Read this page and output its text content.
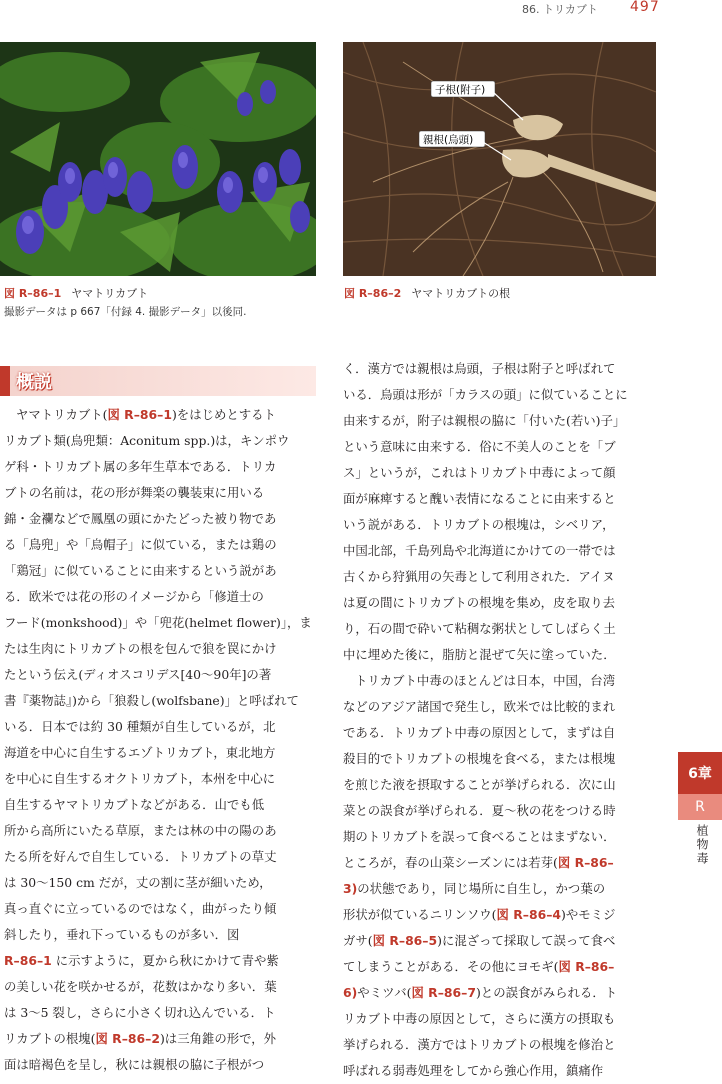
86. トリカブト 497
子根(附子)
親根(烏頭)
図 R–86–1 ヤマトリカブト	図 R–86–2 ヤマトリカブトの根
撮影データは p 667「付録 4. 撮影データ」以後同.
概説
ヤマトリカブト(図 R–86–1)をはじめとするト
リカブト類(烏兜類：Aconitum spp.)は，キンポウ
ゲ科・トリカブト属の多年生草本である．トリカ
ブトの名前は，花の形が舞楽の襲装束に用いる
錦・金襴などで鳳凰の頭にかたどった被り物であ
る「鳥兜」や「烏帽子」に似ている，または鶏の
「鶏冠」に似ていることに由来するという説があ
る．欧米では花の形のイメージから「修道士の
フード(monkshood)」や「兜花(helmet flower)」，ま
たは生肉にトリカブトの根を包んで狼を罠にかけ
たという伝え(ディオスコリデス[40〜90年]の著
書『薬物誌』)から「狼殺し(wolfsbane)」と呼ばれて
いる．日本では約 30 種類が自生しているが，北
海道を中心に自生するエゾトリカブト，東北地方
を中心に自生するオクトリカブト，本州を中心に
自生するヤマトリカブトなどがある．山でも低
所から高所にいたる草原，または林の中の陽のあ
たる所を好んで自生している．トリカブトの草丈
は 30〜150 cm だが，丈の割に茎が細いため，
真っ直ぐに立っているのではなく，曲がったり傾
斜したり，垂れ下っているものが多い．図
R–86–1 に示すように，夏から秋にかけて青や紫
の美しい花を咲かせるが，花数はかなり多い．葉
は 3〜5 裂し，さらに小さく切れ込んでいる．ト
リカブトの根塊(図 R–86–2)は三角錐の形で，外
面は暗褐色を呈し，秋には親根の脇に子根がつ
く．漢方では親根は烏頭，子根は附子と呼ばれて
いる．烏頭は形が「カラスの頭」に似ていることに
由来するが，附子は親根の脇に「付いた(若い)子」
という意味に由来する．俗に不美人のことを「ブ
ス」というが，これはトリカブト中毒によって顔
面が麻痺すると醜い表情になることに由来すると
いう説がある．トリカブトの根塊は，シベリア，
中国北部，千島列島や北海道にかけての一帯では
古くから狩猟用の矢毒として利用された．アイヌ
は夏の間にトリカブトの根塊を集め，皮を取り去
り，石の間で砕いて粘稠な粥状としてしばらく土
中に埋めた後に，脂肪と混ぜて矢に塗っていた．
トリカブト中毒のほとんどは日本，中国，台湾
などのアジア諸国で発生し，欧米では比較的まれ
である．トリカブト中毒の原因として，まずは自
殺目的でトリカブトの根塊を食べる，または根塊
を煎じた液を摂取することが挙げられる．次に山
菜との誤食が挙げられる．夏〜秋の花をつける時
期のトリカブトを誤って食べることはまずない．
ところが，春の山菜シーズンには若芽(図 R–86–
3)の状態であり，同じ場所に自生し，かつ葉の
形状が似ているニリンソウ(図 R–86–4)やモミジ
ガサ(図 R–86–5)に混ざって採取して誤って食べ
てしまうことがある．その他にヨモギ(図 R–86–
6)やミツバ(図 R–86–7)との誤食がみられる．ト
リカブト中毒の原因として，さらに漢方の摂取も
挙げられる．漢方ではトリカブトの根塊を修治と
呼ばれる弱毒処理をしてから強心作用，鎮痛作
6章
R
植物毒
